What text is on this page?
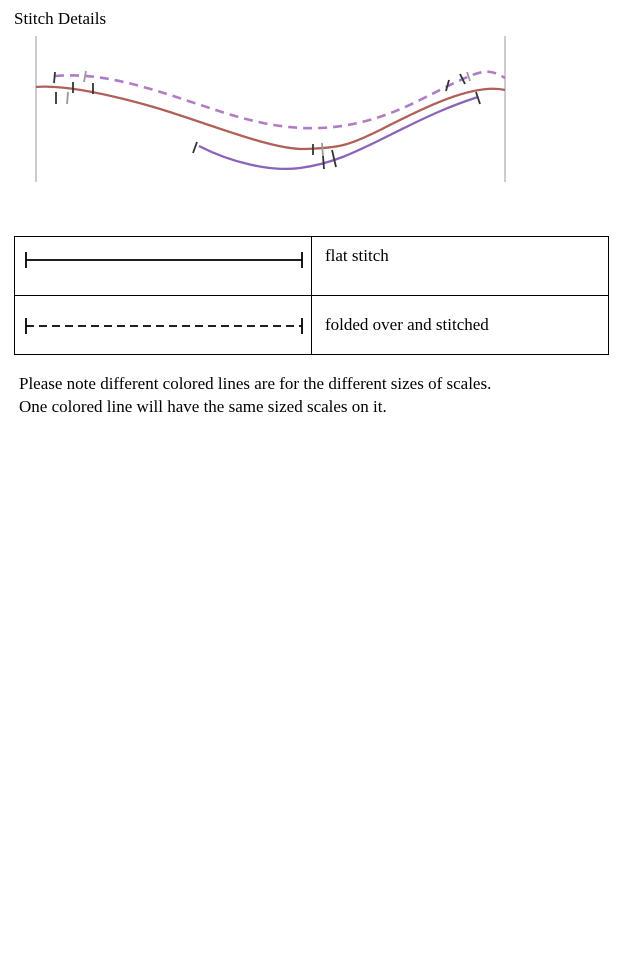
Stitch Details
	flat stitch
	folded over and stitched

Please note different colored lines are for the different sizes of scales.

One colored line will have the same sized scales on it.
